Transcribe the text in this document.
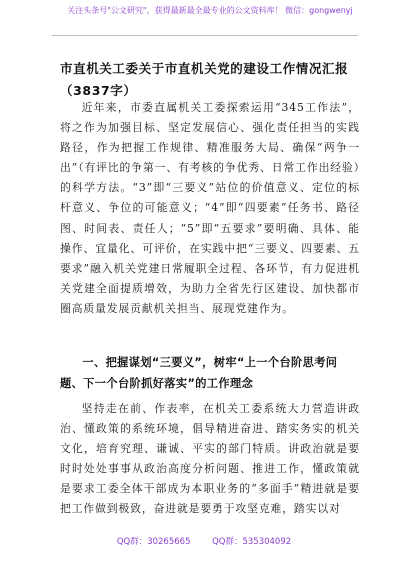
关注头条号"公文研究"，获得最新最全最专业的公文资料库！ 微信：gongwenyj
市直机关工委关于市直机关党的建设工作情况汇报（3837字）

近年来，市委直属机关工委探索运用“345工作法”，将之作为加强目标、坚定发展信心、强化责任担当的实践路径，作为把握工作规律、精准服务大局、确保“两争一出”（有评比的争第一、有考核的争优秀、日常工作出经验）的科学方法。“3”即“三要义”站位的价值意义、定位的标杆意义、争位的可能意义；“4”即“四要素”任务书、路径图、时间表、责任人；“5”即“五要求”要明确、具体、能操作、宜量化、可评价，在实践中把“三要义、四要素、五要求”融入机关党建日常履职全过程、各环节，有力促进机关党建全面提质增效，为助力全省先行区建设、加快都市圈高质量发展贡献机关担当、展现党建作为。

一、把握谋划“三要义”，树牢“上一个台阶思考问题、下一个台阶抓好落实”的工作理念

坚持走在前、作表率，在机关工委系统大力营造讲政治、懂政策的系统环境，倡导精进奋进、踏实务实的机关文化，培育究理、谦诚、平实的部门特质。讲政治就是要时时处处事事从政治高度分析问题、推进工作，懂政策就是要求工委全体干部成为本职业务的“多面手”精进就是要把工作做到极致，奋进就是要勇于攻坚克难，踏实以对

QQ群：30265665        QQ群：535304092
